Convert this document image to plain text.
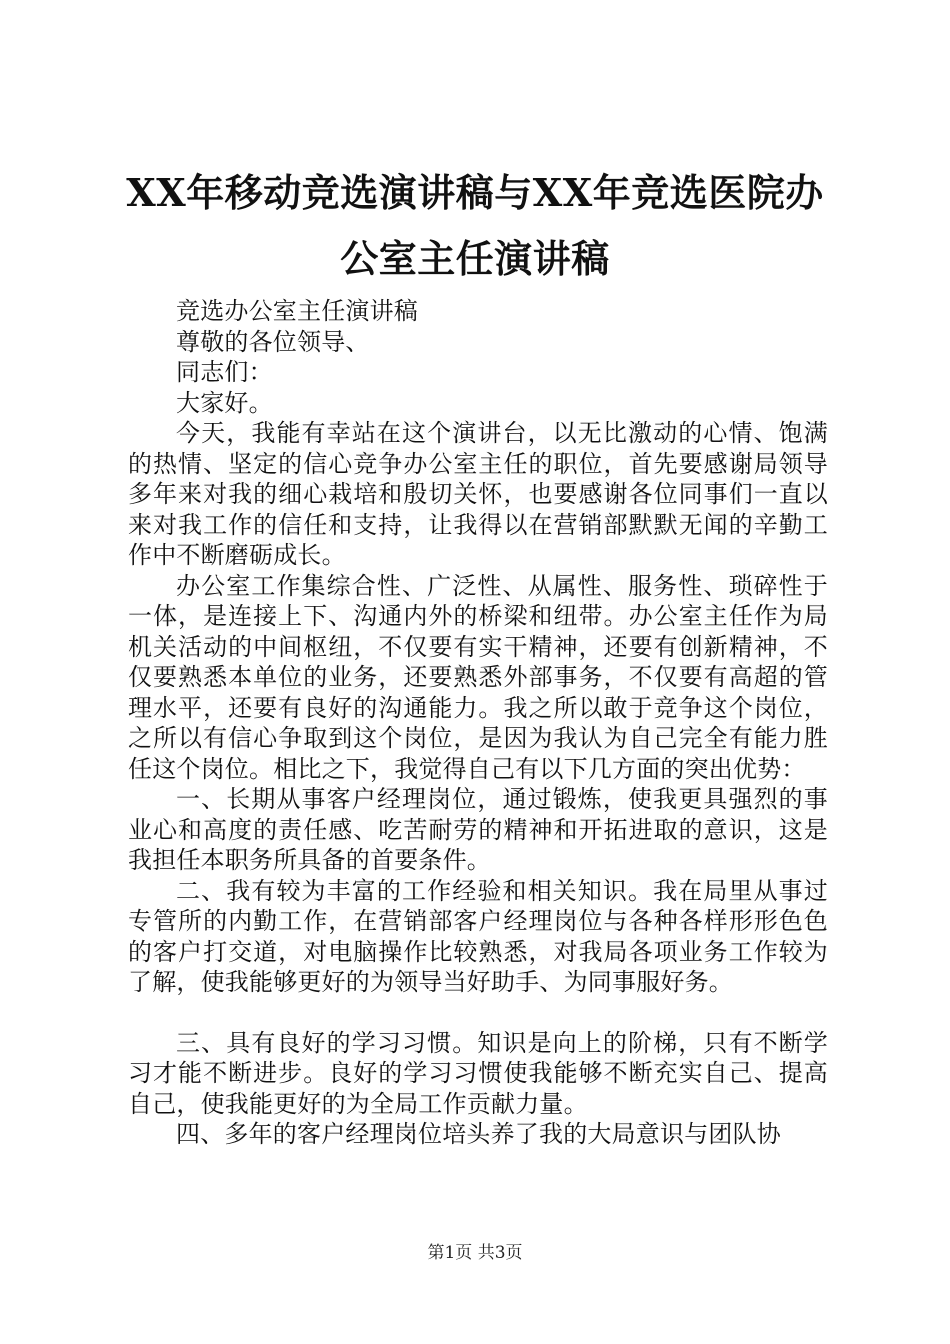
XX年移动竞选演讲稿与XX年竞选医院办公室主任演讲稿

竞选办公室主任演讲稿

尊敬的各位领导、

同志们：

大家好。

今天，我能有幸站在这个演讲台，以无比激动的心情、饱满的热情、坚定的信心竞争办公室主任的职位，首先要感谢局领导多年来对我的细心栽培和殷切关怀，也要感谢各位同事们一直以来对我工作的信任和支持，让我得以在营销部默默无闻的辛勤工作中不断磨砺成长。

办公室工作集综合性、广泛性、从属性、服务性、琐碎性于一体，是连接上下、沟通内外的桥梁和纽带。办公室主任作为局机关活动的中间枢纽，不仅要有实干精神，还要有创新精神，不仅要熟悉本单位的业务，还要熟悉外部事务，不仅要有高超的管理水平，还要有良好的沟通能力。我之所以敢于竞争这个岗位，之所以有信心争取到这个岗位，是因为我认为自己完全有能力胜任这个岗位。相比之下，我觉得自己有以下几方面的突出优势：

一、长期从事客户经理岗位，通过锻炼，使我更具强烈的事业心和高度的责任感、吃苦耐劳的精神和开拓进取的意识，这是我担任本职务所具备的首要条件。

二、我有较为丰富的工作经验和相关知识。我在局里从事过专管所的内勤工作，在营销部客户经理岗位与各种各样形形色色的客户打交道，对电脑操作比较熟悉，对我局各项业务工作较为了解，使我能够更好的为领导当好助手、为同事服好务。

三、具有良好的学习习惯。知识是向上的阶梯，只有不断学习才能不断进步。良好的学习习惯使我能够不断充实自己、提高自己，使我能更好的为全局工作贡献力量。

四、多年的客户经理岗位培头养了我的大局意识与团队协

第1页 共3页
